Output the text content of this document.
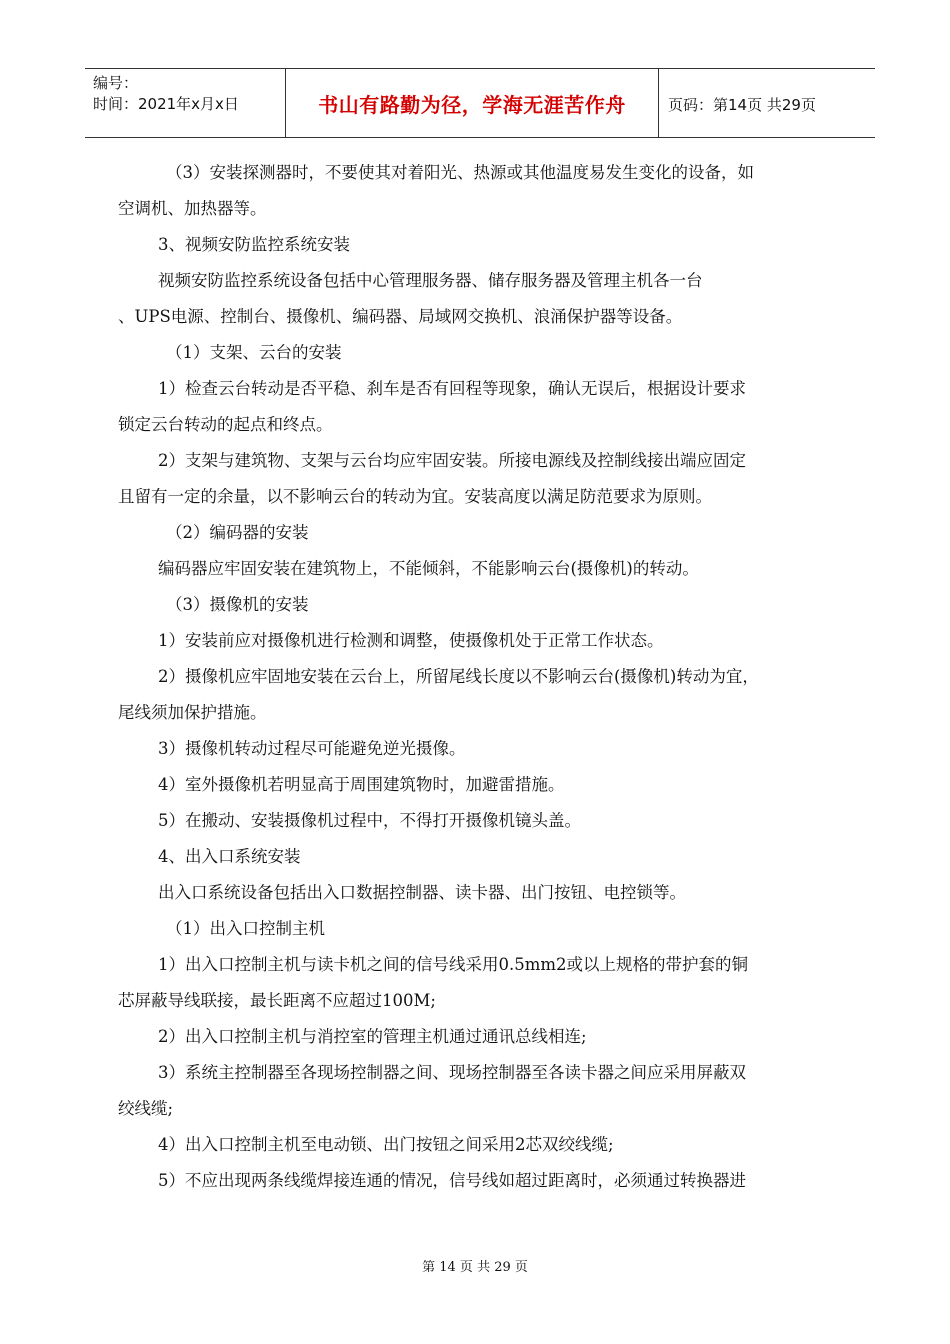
编号：
时间：2021年x月x日	书山有路勤为径，学海无涯苦作舟	页码：第14页 共29页

（3）安装探测器时，不要使其对着阳光、热源或其他温度易发生变化的设备，如

空调机、加热器等。

3、视频安防监控系统安装

视频安防监控系统设备包括中心管理服务器、储存服务器及管理主机各一台

、UPS电源、控制台、摄像机、编码器、局域网交换机、浪涌保护器等设备。

（1）支架、云台的安装

1）检查云台转动是否平稳、刹车是否有回程等现象，确认无误后，根据设计要求

锁定云台转动的起点和终点。

2）支架与建筑物、支架与云台均应牢固安装。所接电源线及控制线接出端应固定

且留有一定的余量，以不影响云台的转动为宜。安装高度以满足防范要求为原则。

（2）编码器的安装

编码器应牢固安装在建筑物上，不能倾斜，不能影响云台(摄像机)的转动。

（3）摄像机的安装

1）安装前应对摄像机进行检测和调整，使摄像机处于正常工作状态。

2）摄像机应牢固地安装在云台上，所留尾线长度以不影响云台(摄像机)转动为宜，

尾线须加保护措施。

3）摄像机转动过程尽可能避免逆光摄像。

4）室外摄像机若明显高于周围建筑物时，加避雷措施。

5）在搬动、安装摄像机过程中，不得打开摄像机镜头盖。

4、出入口系统安装

出入口系统设备包括出入口数据控制器、读卡器、出门按钮、电控锁等。

（1）出入口控制主机

1）出入口控制主机与读卡机之间的信号线采用0.5mm2或以上规格的带护套的铜

芯屏蔽导线联接，最长距离不应超过100M;

2）出入口控制主机与消控室的管理主机通过通讯总线相连;

3）系统主控制器至各现场控制器之间、现场控制器至各读卡器之间应采用屏蔽双

绞线缆;

4）出入口控制主机至电动锁、出门按钮之间采用2芯双绞线缆;

5）不应出现两条线缆焊接连通的情况，信号线如超过距离时，必须通过转换器进

第 14 页 共 29 页
